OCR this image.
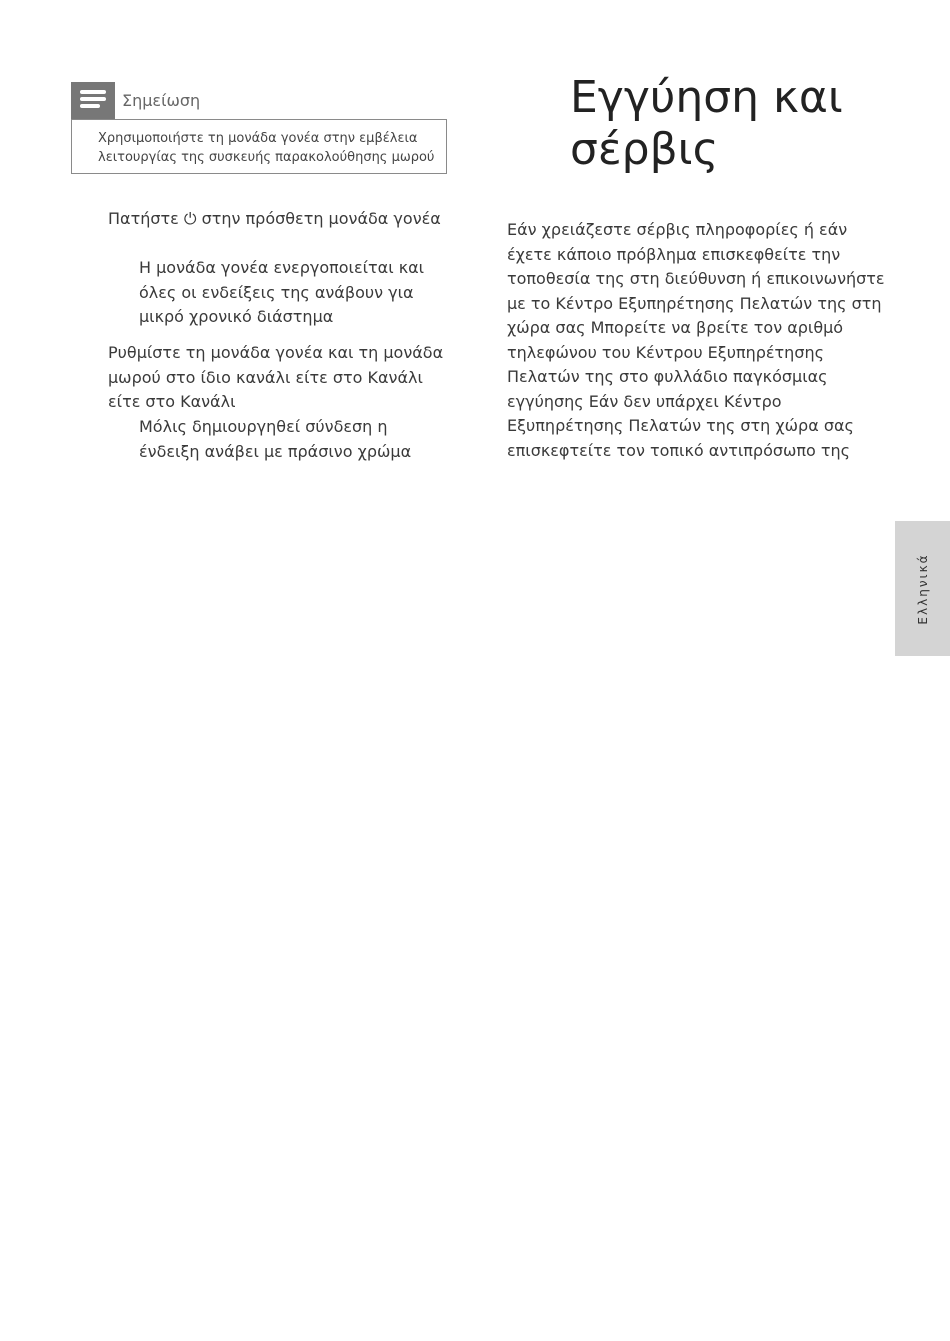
Σημείωση
Χρησιμοποιήστε τη μονάδα γονέα στην εμβέλεια λειτουργίας της συσκευής παρακολούθησης μωρού
Πατήστε ⏻ στην πρόσθετη μονάδα γονέα
Η μονάδα γονέα ενεργοποιείται και όλες οι ενδείξεις της ανάβουν για μικρό χρονικό διάστημα
Ρυθμίστε τη μονάδα γονέα και τη μονάδα μωρού στο ίδιο κανάλι είτε στο Κανάλι είτε στο Κανάλι
Μόλις δημιουργηθεί σύνδεση η ένδειξη ανάβει με πράσινο χρώμα
Εγγύηση και
σέρβις
Εάν χρειάζεστε σέρβις πληροφορίες ή εάν έχετε κάποιο πρόβλημα επισκεφθείτε την τοποθεσία της στη διεύθυνση ή επικοινωνήστε με το Κέντρο Εξυπηρέτησης Πελατών της στη χώρα σας Μπορείτε να βρείτε τον αριθμό τηλεφώνου του Κέντρου Εξυπηρέτησης Πελατών της στο φυλλάδιο παγκόσμιας εγγύησης Εάν δεν υπάρχει Κέντρο Εξυπηρέτησης Πελατών της στη χώρα σας επισκεφτείτε τον τοπικό αντιπρόσωπο της
Ελληνικά
